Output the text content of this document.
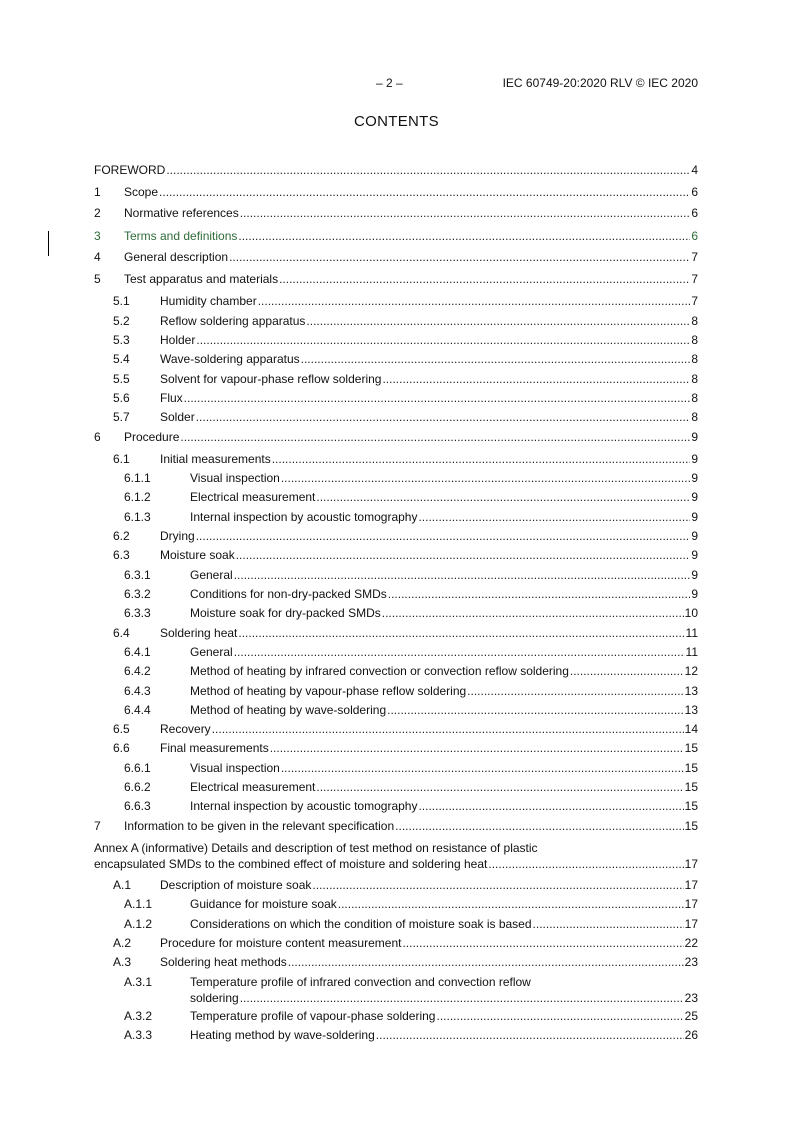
– 2 –	IEC 60749-20:2020 RLV © IEC 2020
CONTENTS
FOREWORD .....	4
1 Scope .....	6
2 Normative references .....	6
3 Terms and definitions .....	6
4 General description .....	7
5 Test apparatus and materials .....	7
5.1	Humidity chamber .....	7
5.2	Reflow soldering apparatus .....	8
5.3	Holder .....	8
5.4	Wave-soldering apparatus .....	8
5.5	Solvent for vapour-phase reflow soldering .....	8
5.6	Flux .....	8
5.7	Solder .....	8
6 Procedure .....	9
6.1	Initial measurements .....	9
6.1.1	Visual inspection .....	9
6.1.2	Electrical measurement .....	9
6.1.3	Internal inspection by acoustic tomography .....	9
6.2	Drying .....	9
6.3	Moisture soak .....	9
6.3.1	General .....	9
6.3.2	Conditions for non-dry-packed SMDs .....	9
6.3.3	Moisture soak for dry-packed SMDs .....	10
6.4	Soldering heat .....	11
6.4.1	General .....	11
6.4.2	Method of heating by infrared convection or convection reflow soldering .....	12
6.4.3	Method of heating by vapour-phase reflow soldering .....	13
6.4.4	Method of heating by wave-soldering .....	13
6.5	Recovery .....	14
6.6	Final measurements .....	15
6.6.1	Visual inspection .....	15
6.6.2	Electrical measurement .....	15
6.6.3	Internal inspection by acoustic tomography .....	15
7 Information to be given in the relevant specification .....	15
Annex A (informative) Details and description of test method on resistance of plastic
encapsulated SMDs to the combined effect of moisture and soldering heat .....	17
A.1 Description of moisture soak .....	17
A.1.1	Guidance for moisture soak .....	17
A.1.2	Considerations on which the condition of moisture soak is based .....	17
A.2 Procedure for moisture content measurement .....	22
A.3 Soldering heat methods .....	23
A.3.1	Temperature profile of infrared convection and convection reflow
soldering .....	23
A.3.2	Temperature profile of vapour-phase soldering .....	25
A.3.3	Heating method by wave-soldering .....	26
